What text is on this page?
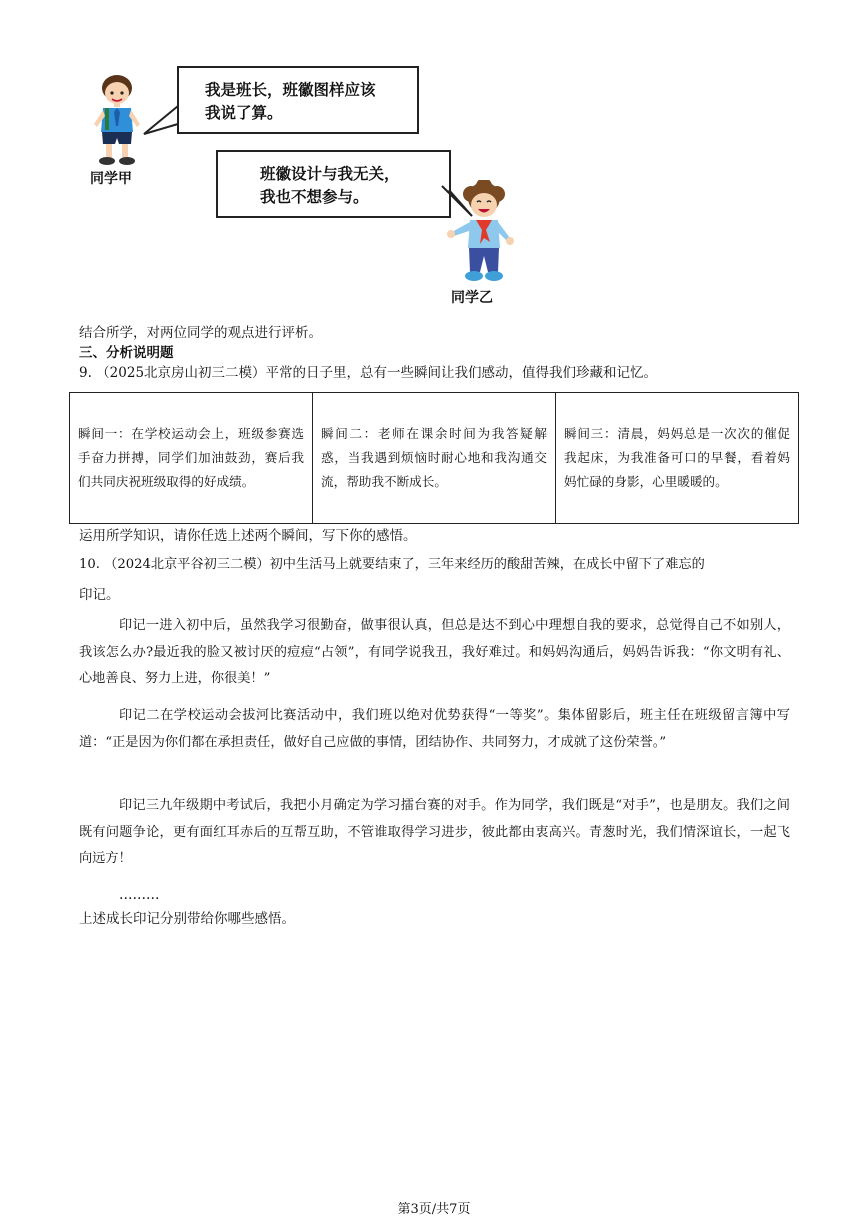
同学甲
我是班长，班徽图样应该
我说了算。
班徽设计与我无关，
我也不想参与。
同学乙
结合所学，对两位同学的观点进行评析。
三、分析说明题
9. （2025北京房山初三二模）平常的日子里，总有一些瞬间让我们感动，值得我们珍藏和记忆。
瞬间一：在学校运动会上，班级参赛选手奋力拼搏，同学们加油鼓劲，赛后我们共同庆祝班级取得的好成绩。	瞬间二：老师在课余时间为我答疑解惑，当我遇到烦恼时耐心地和我沟通交流，帮助我不断成长。	瞬间三：清晨，妈妈总是一次次的催促我起床，为我准备可口的早餐，看着妈妈忙碌的身影，心里暖暖的。
运用所学知识，请你任选上述两个瞬间，写下你的感悟。
10. （2024北京平谷初三二模）初中生活马上就要结束了，三年来经历的酸甜苦辣，在成长中留下了难忘的
印记。
印记一进入初中后，虽然我学习很勤奋，做事很认真，但总是达不到心中理想自我的要求，总觉得自己不如别人，我该怎么办?最近我的脸又被讨厌的痘痘“占领”，有同学说我丑，我好难过。和妈妈沟通后，妈妈告诉我：“你文明有礼、心地善良、努力上进，你很美！”
印记二在学校运动会拔河比赛活动中，我们班以绝对优势获得“一等奖”。集体留影后，班主任在班级留言簿中写道：“正是因为你们都在承担责任，做好自己应做的事情，团结协作、共同努力，才成就了这份荣誉。”
印记三九年级期中考试后，我把小月确定为学习擂台赛的对手。作为同学，我们既是“对手”，也是朋友。我们之间既有问题争论，更有面红耳赤后的互帮互助，不管谁取得学习进步，彼此都由衷高兴。青葱时光，我们情深谊长，一起飞向远方！
………
上述成长印记分别带给你哪些感悟。
第3页/共7页
